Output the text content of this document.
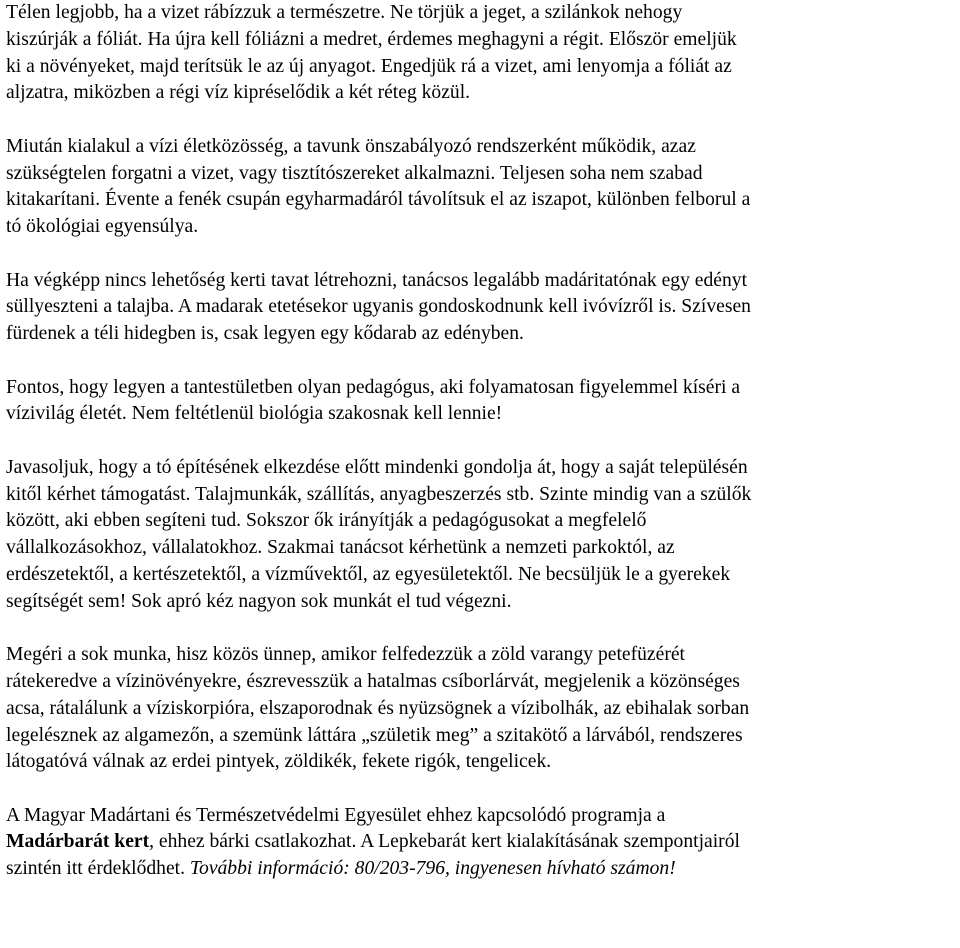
Télen legjobb, ha a vizet rábízzuk a természetre. Ne törjük a jeget, a szilánkok nehogy
kiszúrják a fóliát. Ha újra kell fóliázni a medret, érdemes meghagyni a régit. Először emeljük
ki a növényeket, majd terítsük le az új anyagot. Engedjük rá a vizet, ami lenyomja a fóliát az
aljzatra, miközben a régi víz kipréselődik a két réteg közül.

Miután kialakul a vízi életközösség, a tavunk önszabályozó rendszerként működik, azaz
szükségtelen forgatni a vizet, vagy tisztítószereket alkalmazni. Teljesen soha nem szabad
kitakarítani. Évente a fenék csupán egyharmadáról távolítsuk el az iszapot, különben felborul a
tó ökológiai egyensúlya.

Ha végképp nincs lehetőség kerti tavat létrehozni, tanácsos legalább madáritatónak egy edényt
süllyeszteni a talajba. A madarak etetésekor ugyanis gondoskodnunk kell ivóvízről is. Szívesen
fürdenek a téli hidegben is, csak legyen egy kődarab az edényben.

Fontos, hogy legyen a tantestületben olyan pedagógus, aki folyamatosan figyelemmel kíséri a
vízivilág életét. Nem feltétlenül biológia szakosnak kell lennie!

Javasoljuk, hogy a tó építésének elkezdése előtt mindenki gondolja át, hogy a saját településén
kitől kérhet támogatást. Talajmunkák, szállítás, anyagbeszerzés stb. Szinte mindig van a szülők
között, aki ebben segíteni tud. Sokszor ők irányítják a pedagógusokat a megfelelő
vállalkozásokhoz, vállalatokhoz. Szakmai tanácsot kérhetünk a nemzeti parkoktól, az
erdészetektől, a kertészetektől, a vízművektől, az egyesületektől. Ne becsüljük le a gyerekek
segítségét sem! Sok apró kéz nagyon sok munkát el tud végezni.

Megéri a sok munka, hisz közös ünnep, amikor felfedezzük a zöld varangy petefüzérét
rátekeredve a vízinövényekre, észrevesszük a hatalmas csíborlárvát, megjelenik a közönséges
acsa, rátalálunk a víziskorpióra, elszaporodnak és nyüzsögnek a vízibolhák, az ebihalak sorban
legelésznek az algamezőn, a szemünk láttára „születik meg” a szitakötő a lárvából, rendszeres
látogatóvá válnak az erdei pintyek, zöldikék, fekete rigók, tengelicek.

A Magyar Madártani és Természetvédelmi Egyesület ehhez kapcsolódó programja a
Madárbarát kert, ehhez bárki csatlakozhat. A Lepkebarát kert kialakításának szempontjairól
szintén itt érdeklődhet. További információ: 80/203-796, ingyenesen hívható számon!
